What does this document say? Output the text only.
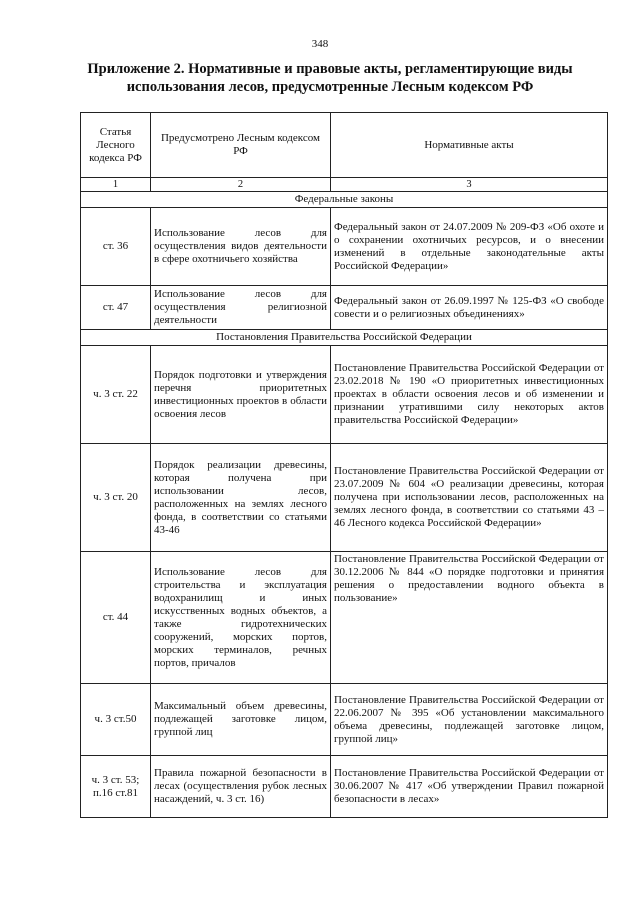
348
Приложение 2. Нормативные и правовые акты, регламентирующие виды использования лесов, предусмотренные Лесным кодексом РФ
Статья Лесного кодекса РФ	Предусмотрено Лесным кодексом РФ	Нормативные акты
1	2	3
Федеральные законы		
ст. 36	Использование лесов для осуществления видов деятельности в сфере охотничьего хозяйства	Федеральный закон от 24.07.2009 № 209-ФЗ «Об охоте и о сохранении охотничьих ресурсов, и о внесении изменений в отдельные законодательные акты Российской Федерации»
ст. 47	Использование лесов для осуществления религиозной деятельности	Федеральный закон от 26.09.1997 № 125-ФЗ «О свободе совести и о религиозных объединениях»
Постановления Правительства Российской Федерации		
ч. 3 ст. 22	Порядок подготовки и утверждения перечня приоритетных инвестиционных проектов в области освоения лесов	Постановление Правительства Российской Федерации от 23.02.2018 № 190 «О приоритетных инвестиционных проектах в области освоения лесов и об изменении и признании утратившими силу некоторых актов правительства Российской Федерации»
ч. 3 ст. 20	Порядок реализации древесины, которая получена при использовании лесов, расположенных на землях лесного фонда, в соответствии со статьями 43-46	Постановление Правительства Российской Федерации от 23.07.2009 № 604 «О реализации древесины, которая получена при использовании лесов, расположенных на землях лесного фонда, в соответствии со статьями 43 – 46 Лесного кодекса Российской Федерации»
ст. 44	Использование лесов для строительства и эксплуатация водохранилищ и иных искусственных водных объектов, а также гидротехнических сооружений, морских портов, морских терминалов, речных портов, причалов	Постановление Правительства Российской Федерации от 30.12.2006 № 844 «О порядке подготовки и принятия решения о предоставлении водного объекта в пользование»
ч. 3 ст.50	Максимальный объем древесины, подлежащей заготовке лицом, группой лиц	Постановление Правительства Российской Федерации от 22.06.2007 № 395 «Об установлении максимального объема древесины, подлежащей заготовке лицом, группой лиц»
ч. 3 ст. 53; п.16 ст.81	Правила пожарной безопасности в лесах (осуществления рубок лесных насаждений, ч. 3 ст. 16)	Постановление Правительства Российской Федерации от 30.06.2007 № 417 «Об утверждении Правил пожарной безопасности в лесах»
